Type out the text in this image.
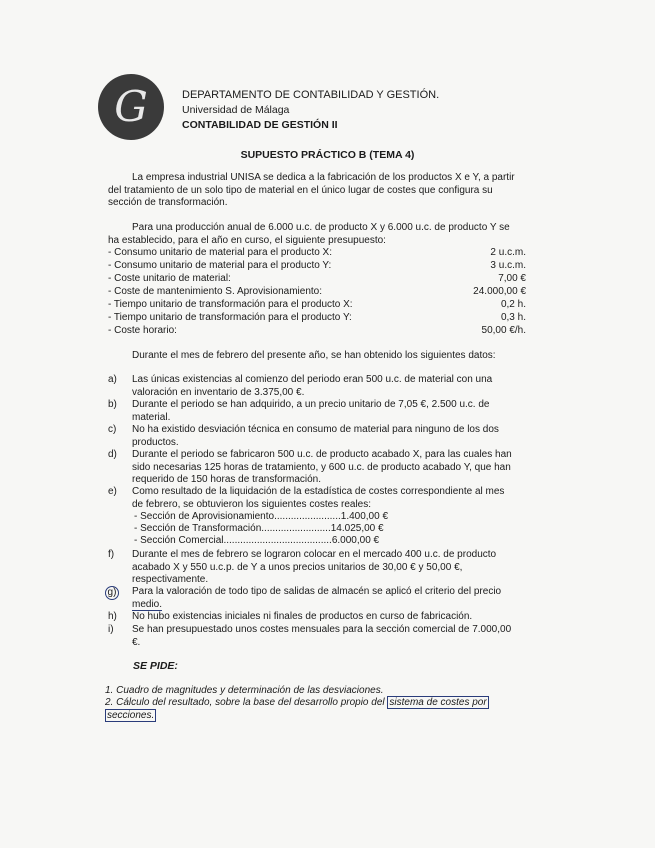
G	DEPARTAMENTO DE CONTABILIDAD Y GESTIÓN.
Universidad de Málaga
CONTABILIDAD DE GESTIÓN II
SUPUESTO PRÁCTICO B (TEMA 4)
La empresa industrial UNISA se dedica a la fabricación de los productos X e Y, a partir
del tratamiento de un solo tipo de material en el único lugar de costes que configura su
sección de transformación.
Para una producción anual de 6.000 u.c. de producto X y 6.000 u.c. de producto Y se
ha establecido, para el año en curso, el siguiente presupuesto:
- Consumo unitario de material para el producto X:	2 u.c.m.
- Consumo unitario de material para el producto Y:	3 u.c.m.
- Coste unitario de material:	7,00 €
- Coste de mantenimiento S. Aprovisionamiento:	24.000,00 €
- Tiempo unitario de transformación para el producto X:	0,2 h.
- Tiempo unitario de transformación para el producto Y:	0,3 h.
- Coste horario:	50,00 €/h.
Durante el mes de febrero del presente año, se han obtenido los siguientes datos:
a) Las únicas existencias al comienzo del periodo eran 500 u.c. de material con una
valoración en inventario de 3.375,00 €.
b) Durante el periodo se han adquirido, a un precio unitario de 7,05 €, 2.500 u.c. de
material.
c) No ha existido desviación técnica en consumo de material para ninguno de los dos
productos.
d) Durante el periodo se fabricaron 500 u.c. de producto acabado X, para las cuales han
sido necesarias 125 horas de tratamiento, y 600 u.c. de producto acabado Y, que han
requerido de 150 horas de transformación.
e) Como resultado de la liquidación de la estadística de costes correspondiente al mes
de febrero, se obtuvieron los siguientes costes reales:
- Sección de Aprovisionamiento........................1.400,00 €
- Sección de Transformación.........................14.025,00 €
- Sección Comercial.......................................6.000,00 €
f) Durante el mes de febrero se lograron colocar en el mercado 400 u.c. de producto
acabado X y 550 u.c.p. de Y a unos precios unitarios de 30,00 € y 50,00 €,
respectivamente.
g) Para la valoración de todo tipo de salidas de almacén se aplicó el criterio del precio
medio.
h) No hubo existencias iniciales ni finales de productos en curso de fabricación.
i) Se han presupuestado unos costes mensuales para la sección comercial de 7.000,00
€.
SE PIDE:
1. Cuadro de magnitudes y determinación de las desviaciones.
2. Cálculo del resultado, sobre la base del desarrollo propio del sistema de costes por
secciones.
